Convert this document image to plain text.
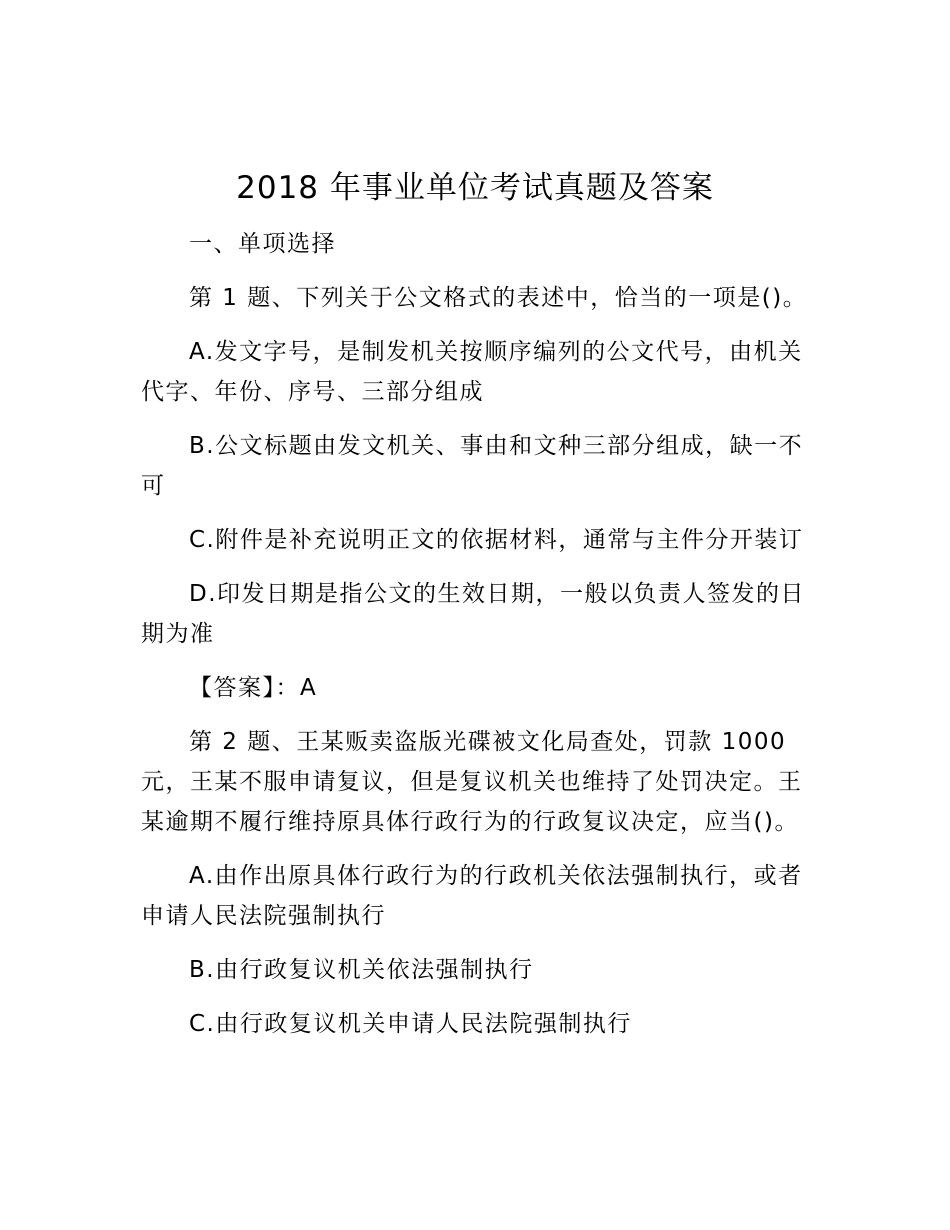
2018 年事业单位考试真题及答案

一、单项选择

第 1 题、下列关于公文格式的表述中，恰当的一项是()。

A.发文字号，是制发机关按顺序编列的公文代号，由机关代字、年份、序号、三部分组成

B.公文标题由发文机关、事由和文种三部分组成，缺一不可

C.附件是补充说明正文的依据材料，通常与主件分开装订

D.印发日期是指公文的生效日期，一般以负责人签发的日期为准

【答案】：A

第 2 题、王某贩卖盗版光碟被文化局查处，罚款 1000 元，王某不服申请复议，但是复议机关也维持了处罚决定。王某逾期不履行维持原具体行政行为的行政复议决定，应当()。

A.由作出原具体行政行为的行政机关依法强制执行，或者申请人民法院强制执行

B.由行政复议机关依法强制执行

C.由行政复议机关申请人民法院强制执行
